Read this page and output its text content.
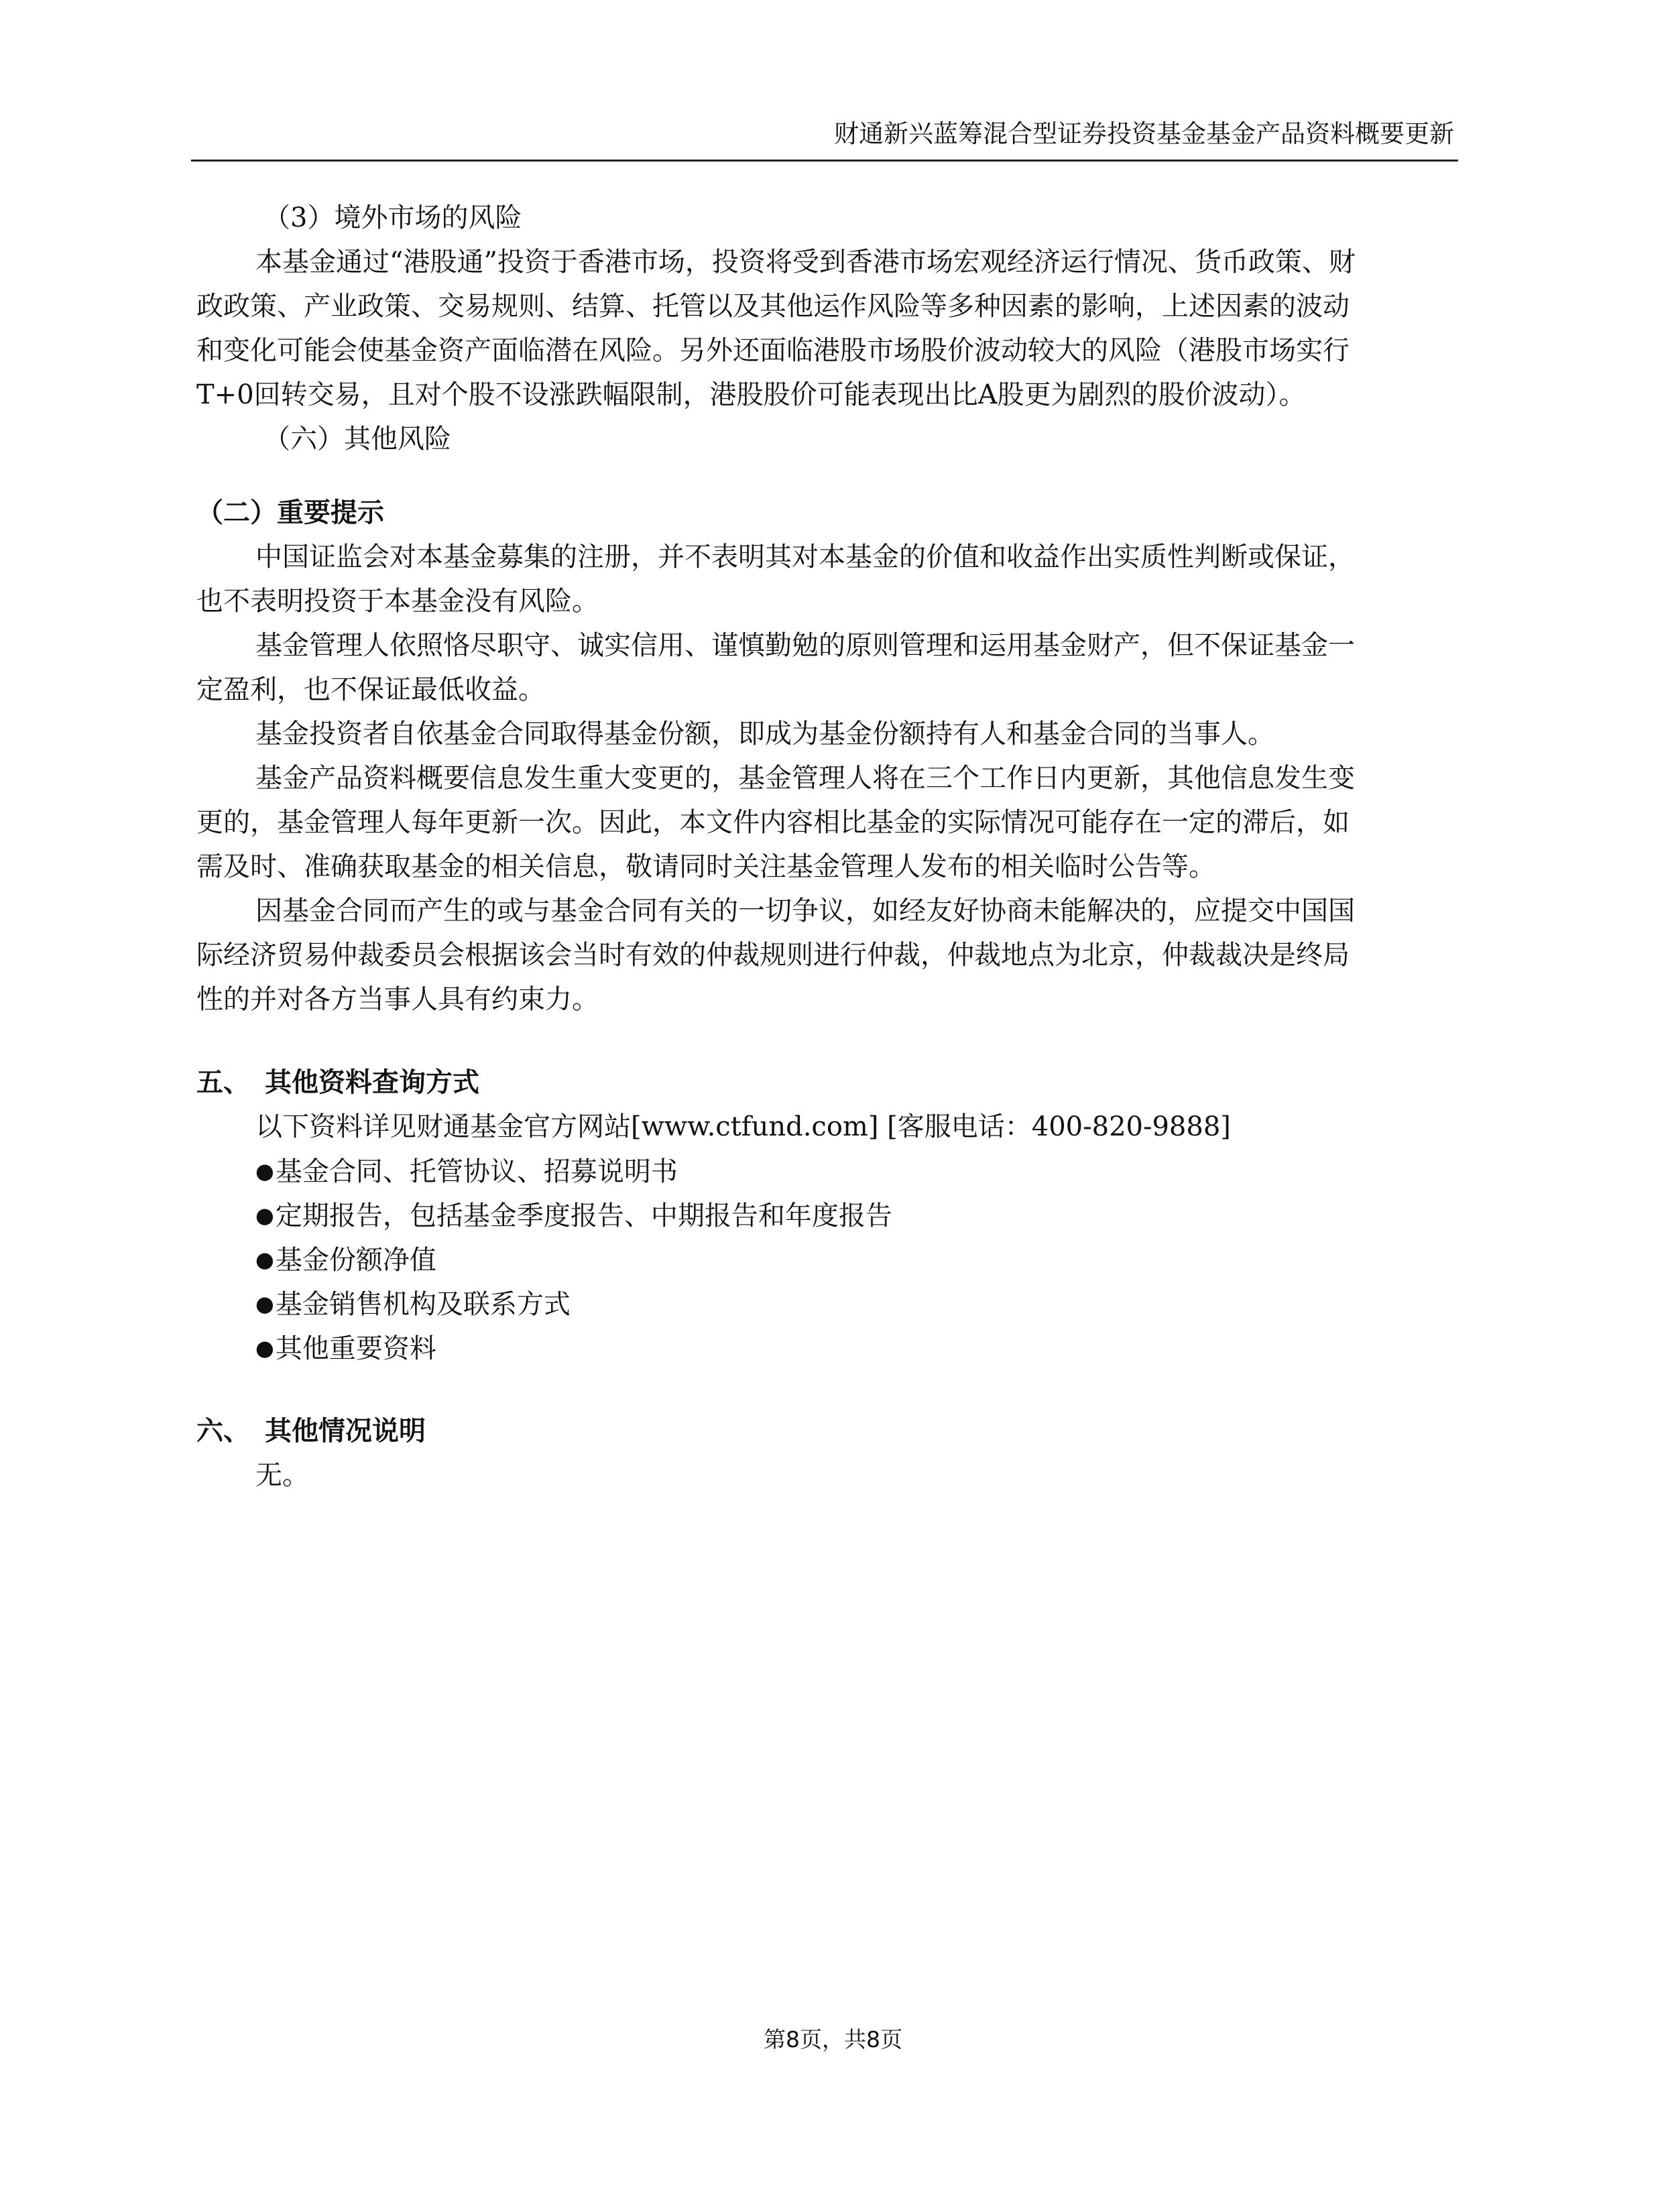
财通新兴蓝筹混合型证券投资基金基金产品资料概要更新
（3）境外市场的风险
本基金通过“港股通”投资于香港市场，投资将受到香港市场宏观经济运行情况、货币政策、财
政政策、产业政策、交易规则、结算、托管以及其他运作风险等多种因素的影响，上述因素的波动
和变化可能会使基金资产面临潜在风险。另外还面临港股市场股价波动较大的风险（港股市场实行
T+0回转交易，且对个股不设涨跌幅限制，港股股价可能表现出比A股更为剧烈的股价波动）。
（六）其他风险
（二）重要提示
中国证监会对本基金募集的注册，并不表明其对本基金的价值和收益作出实质性判断或保证，
也不表明投资于本基金没有风险。
基金管理人依照恪尽职守、诚实信用、谨慎勤勉的原则管理和运用基金财产，但不保证基金一
定盈利，也不保证最低收益。
基金投资者自依基金合同取得基金份额，即成为基金份额持有人和基金合同的当事人。
基金产品资料概要信息发生重大变更的，基金管理人将在三个工作日内更新，其他信息发生变
更的，基金管理人每年更新一次。因此，本文件内容相比基金的实际情况可能存在一定的滞后，如
需及时、准确获取基金的相关信息，敬请同时关注基金管理人发布的相关临时公告等。
因基金合同而产生的或与基金合同有关的一切争议，如经友好协商未能解决的，应提交中国国
际经济贸易仲裁委员会根据该会当时有效的仲裁规则进行仲裁，仲裁地点为北京，仲裁裁决是终局
性的并对各方当事人具有约束力。
五、 其他资料查询方式
以下资料详见财通基金官方网站[www.ctfund.com] [客服电话：400-820-9888]
●基金合同、托管协议、招募说明书
●定期报告，包括基金季度报告、中期报告和年度报告
●基金份额净值
●基金销售机构及联系方式
●其他重要资料
六、 其他情况说明
无。
第8页，共8页
